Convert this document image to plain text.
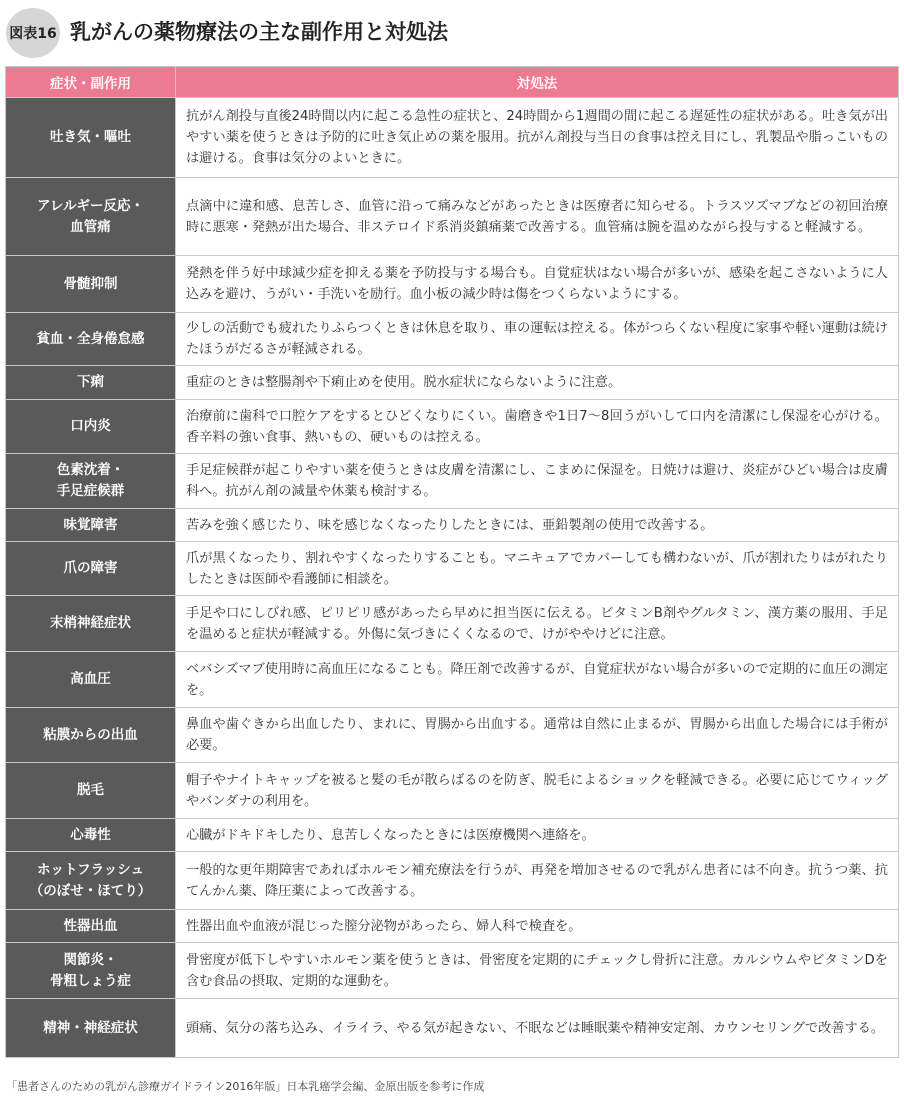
図表16 乳がんの薬物療法の主な副作用と対処法
症状・副作用	対処法
吐き気・嘔吐	抗がん剤投与直後24時間以内に起こる急性の症状と、24時間から1週間の間に起こる遅延性の症状がある。吐き気が出やすい薬を使うときは予防的に吐き気止めの薬を服用。抗がん剤投与当日の食事は控え目にし、乳製品や脂っこいものは避ける。食事は気分のよいときに。
アレルギー反応・
血管痛	点滴中に違和感、息苦しさ、血管に沿って痛みなどがあったときは医療者に知らせる。トラスツズマブなどの初回治療時に悪寒・発熱が出た場合、非ステロイド系消炎鎮痛薬で改善する。血管痛は腕を温めながら投与すると軽減する。
骨髄抑制	発熱を伴う好中球減少症を抑える薬を予防投与する場合も。自覚症状はない場合が多いが、感染を起こさないように人込みを避け、うがい・手洗いを励行。血小板の減少時は傷をつくらないようにする。
貧血・全身倦怠感	少しの活動でも疲れたりふらつくときは休息を取り、車の運転は控える。体がつらくない程度に家事や軽い運動は続けたほうがだるさが軽減される。
下痢	重症のときは整腸剤や下痢止めを使用。脱水症状にならないように注意。
口内炎	治療前に歯科で口腔ケアをするとひどくなりにくい。歯磨きや1日7〜8回うがいして口内を清潔にし保湿を心がける。香辛料の強い食事、熱いもの、硬いものは控える。
色素沈着・
手足症候群	手足症候群が起こりやすい薬を使うときは皮膚を清潔にし、こまめに保湿を。日焼けは避け、炎症がひどい場合は皮膚科へ。抗がん剤の減量や休薬も検討する。
味覚障害	苦みを強く感じたり、味を感じなくなったりしたときには、亜鉛製剤の使用で改善する。
爪の障害	爪が黒くなったり、割れやすくなったりすることも。マニキュアでカバーしても構わないが、爪が割れたりはがれたりしたときは医師や看護師に相談を。
末梢神経症状	手足や口にしびれ感、ピリピリ感があったら早めに担当医に伝える。ビタミンB剤やグルタミン、漢方薬の服用、手足を温めると症状が軽減する。外傷に気づきにくくなるので、けがややけどに注意。
高血圧	ベバシズマブ使用時に高血圧になることも。降圧剤で改善するが、自覚症状がない場合が多いので定期的に血圧の測定を。
粘膜からの出血	鼻血や歯ぐきから出血したり、まれに、胃腸から出血する。通常は自然に止まるが、胃腸から出血した場合には手術が必要。
脱毛	帽子やナイトキャップを被ると髪の毛が散らばるのを防ぎ、脱毛によるショックを軽減できる。必要に応じてウィッグやバンダナの利用を。
心毒性	心臓がドキドキしたり、息苦しくなったときには医療機関へ連絡を。
ホットフラッシュ
（のぼせ・ほてり）	一般的な更年期障害であればホルモン補充療法を行うが、再発を増加させるので乳がん患者には不向き。抗うつ薬、抗てんかん薬、降圧薬によって改善する。
性器出血	性器出血や血液が混じった膣分泌物があったら、婦人科で検査を。
関節炎・
骨粗しょう症	骨密度が低下しやすいホルモン薬を使うときは、骨密度を定期的にチェックし骨折に注意。カルシウムやビタミンDを含む食品の摂取、定期的な運動を。
精神・神経症状	頭痛、気分の落ち込み、イライラ、やる気が起きない、不眠などは睡眠薬や精神安定剤、カウンセリングで改善する。
「患者さんのための乳がん診療ガイドライン2016年版」日本乳癌学会編、金原出版を参考に作成
